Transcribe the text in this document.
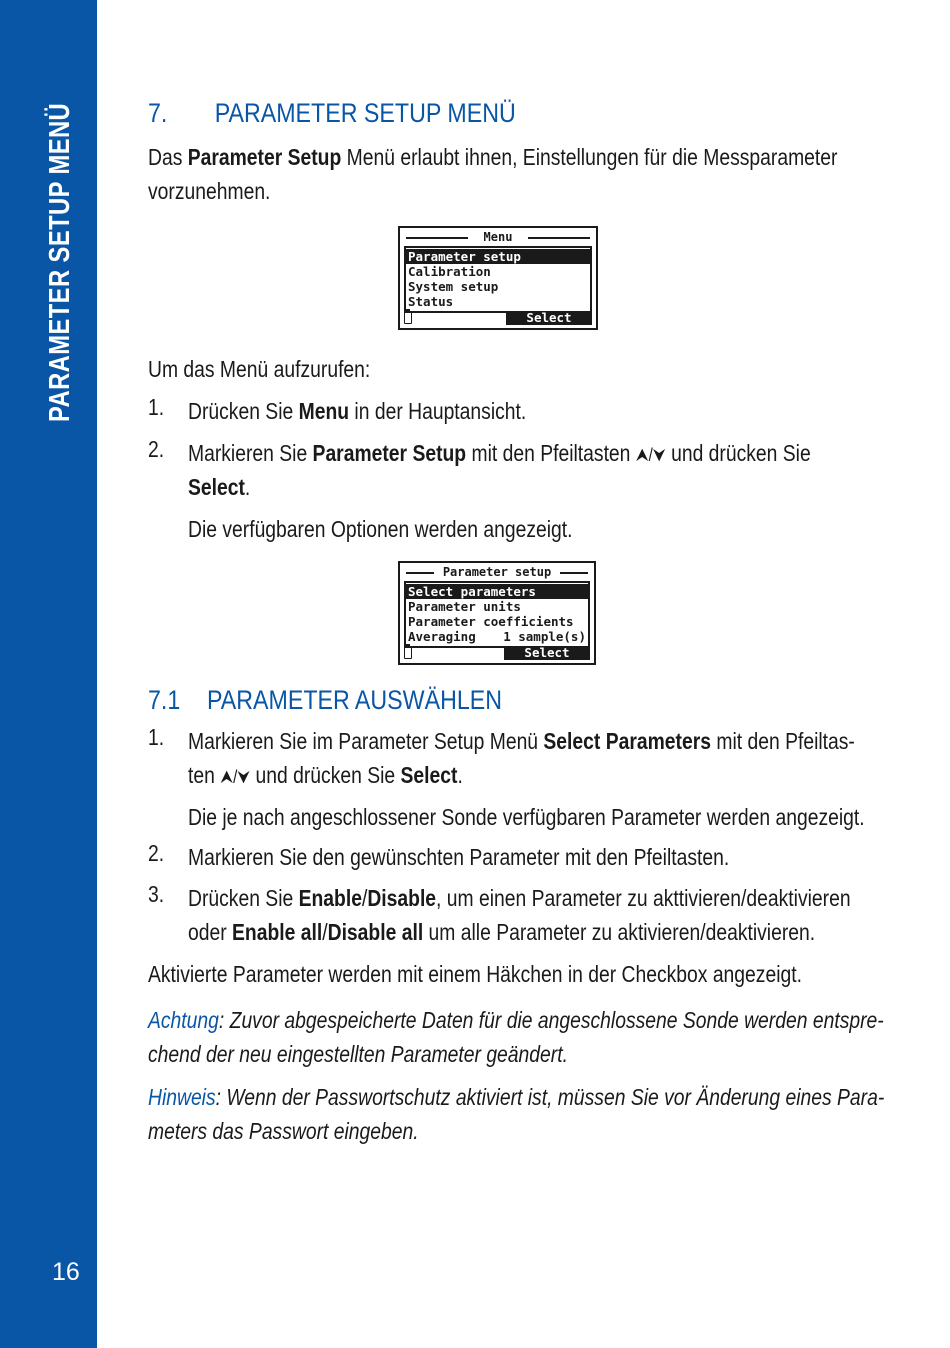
PARAMETER SETUP MENÜ
16
7. PARAMETER SETUP MENÜ
Das Parameter Setup Menü erlaubt ihnen, Einstellungen für die Messparameter
vorzunehmen.
Menu
Parameter setup
Calibration
System setup
Status
Select
Um das Menü aufzurufen:
1. Drücken Sie Menu in der Hauptansicht.
2. Markieren Sie Parameter Setup mit den Pfeiltasten ⮝/⮟ und drücken Sie
Select.
Die verfügbaren Optionen werden angezeigt.
Parameter setup
Select parameters
Parameter units
Parameter coefficients
Averaging 1 sample(s)
Select
7.1 PARAMETER AUSWÄHLEN
1. Markieren Sie im Parameter Setup Menü Select Parameters mit den Pfeiltas-
ten ⮝/⮟ und drücken Sie Select.
Die je nach angeschlossener Sonde verfügbaren Parameter werden angezeigt.
2. Markieren Sie den gewünschten Parameter mit den Pfeiltasten.
3. Drücken Sie Enable/Disable, um einen Parameter zu akttivieren/deaktivieren
oder Enable all/Disable all um alle Parameter zu aktivieren/deaktivieren.
Aktivierte Parameter werden mit einem Häkchen in der Checkbox angezeigt.
Achtung: Zuvor abgespeicherte Daten für die angeschlossene Sonde werden entspre-
chend der neu eingestellten Parameter geändert.
Hinweis: Wenn der Passwortschutz aktiviert ist, müssen Sie vor Änderung eines Para-
meters das Passwort eingeben.
